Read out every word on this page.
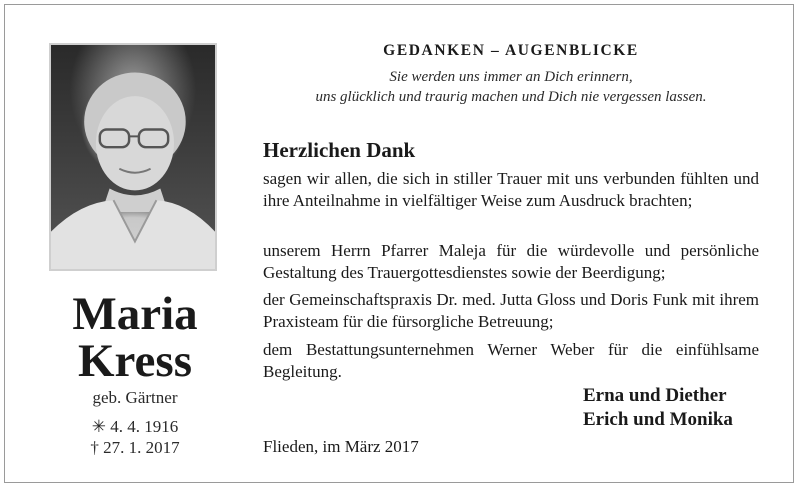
Maria
Kress
geb. Gärtner
✳ 4. 4. 1916
† 27. 1. 2017
GEDANKEN – AUGENBLICKE
Sie werden uns immer an Dich erinnern,
uns glücklich und traurig machen und Dich nie vergessen lassen.
Herzlichen Dank
sagen wir allen, die sich in stiller Trauer mit uns verbunden fühlten und ihre Anteilnahme in vielfältiger Weise zum Ausdruck brachten;
unserem Herrn Pfarrer Maleja für die würdevolle und persönliche Gestaltung des Trauergottesdienstes sowie der Beerdigung;
der Gemeinschaftspraxis Dr. med. Jutta Gloss und Doris Funk mit ihrem Praxisteam für die fürsorgliche Betreuung;
dem Bestattungsunternehmen Werner Weber für die einfühlsame Begleitung.
Erna und Diether
Erich und Monika
Flieden, im März 2017
